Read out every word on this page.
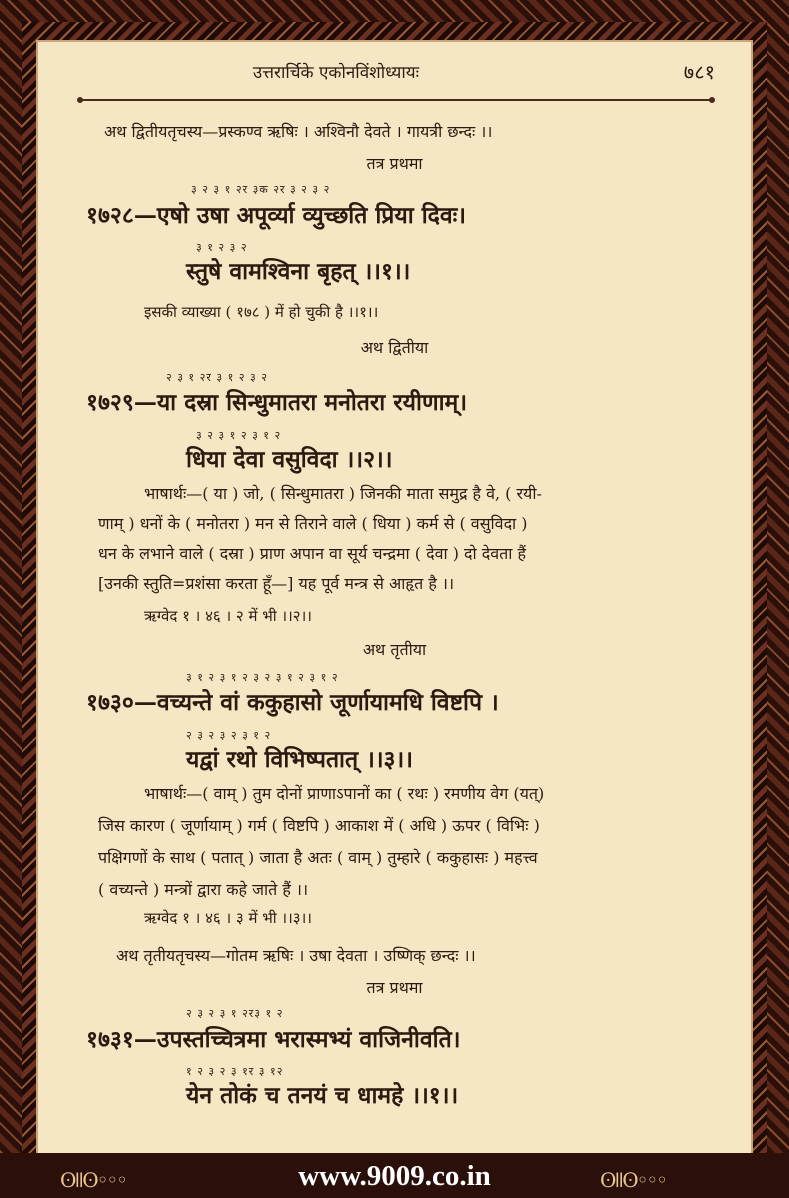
उत्तरार्चिके एकोनविंशोध्यायः	७८१
अथ द्वितीयतृचस्य—प्रस्कण्व ऋषिः । अश्विनौ देवते । गायत्री छन्दः ।।
तत्र प्रथमा
३ २ ३ १ २र ३क २र ३ २ ३ २
१७२८—एषो उषा अपूर्व्या व्युच्छति प्रिया दिवः।
३ १ २ ३ २
स्तुषे वामश्विना बृहत् ।।१।।
इसकी व्याख्या ( १७८ ) में हो चुकी है ।।१।।
अथ द्वितीया
२ ३ १ २र ३ १ २ ३ २
१७२९—या दस्रा सिन्धुमातरा मनोतरा रयीणाम्।
३ २ ३ १ २ ३ १ २
धिया देवा वसुविदा ।।२।।
भाषार्थः—( या ) जो, ( सिन्धुमातरा ) जिनकी माता समुद्र है वे, ( रयी-
णाम् ) धनों के ( मनोतरा ) मन से तिराने वाले ( धिया ) कर्म से ( वसुविदा )
धन के लभाने वाले ( दस्रा ) प्राण अपान वा सूर्य चन्द्रमा ( देवा ) दो देवता हैं
[उनकी स्तुति=प्रशंसा करता हूँ—] यह पूर्व मन्त्र से आहृत है ।।
ऋग्वेद १ । ४६ । २ में भी ।।२।।
अथ तृतीया
३ १ २ ३ १ २ ३ २ ३ १ २ ३ १ २
१७३०—वच्यन्ते वां ककुहासो जूर्णायामधि विष्टपि ।
२ ३ २ ३ २ ३ १ २
यद्वां रथो विभिष्पतात् ।।३।।
भाषार्थः—( वाम् ) तुम दोनों प्राणाऽपानों का ( रथः ) रमणीय वेग (यत्)
जिस कारण ( जूर्णायाम् ) गर्म ( विष्टपि ) आकाश में ( अधि ) ऊपर ( विभिः )
पक्षिगणों के साथ ( पतात् ) जाता है अतः ( वाम् ) तुम्हारे ( ककुहासः ) महत्त्व
( वच्यन्ते ) मन्त्रों द्वारा कहे जाते हैं ।।
ऋग्वेद १ । ४६ । ३ में भी ।।३।।
अथ तृतीयतृचस्य—गोतम ऋषिः । उषा देवता । उष्णिक् छन्दः ।।
तत्र प्रथमा
२ ३ २ ३ १ २र३ १ २
१७३१—उपस्तच्चित्रमा भरास्मभ्यं वाजिनीवति।
१ २ ३ २ ३ १र ३ १२
येन तोकं च तनयं च धामहे ।।१।।
ʘǀǀʘ◦◦◦	ʘǀǀʘ◦◦◦
www.9009.co.in
